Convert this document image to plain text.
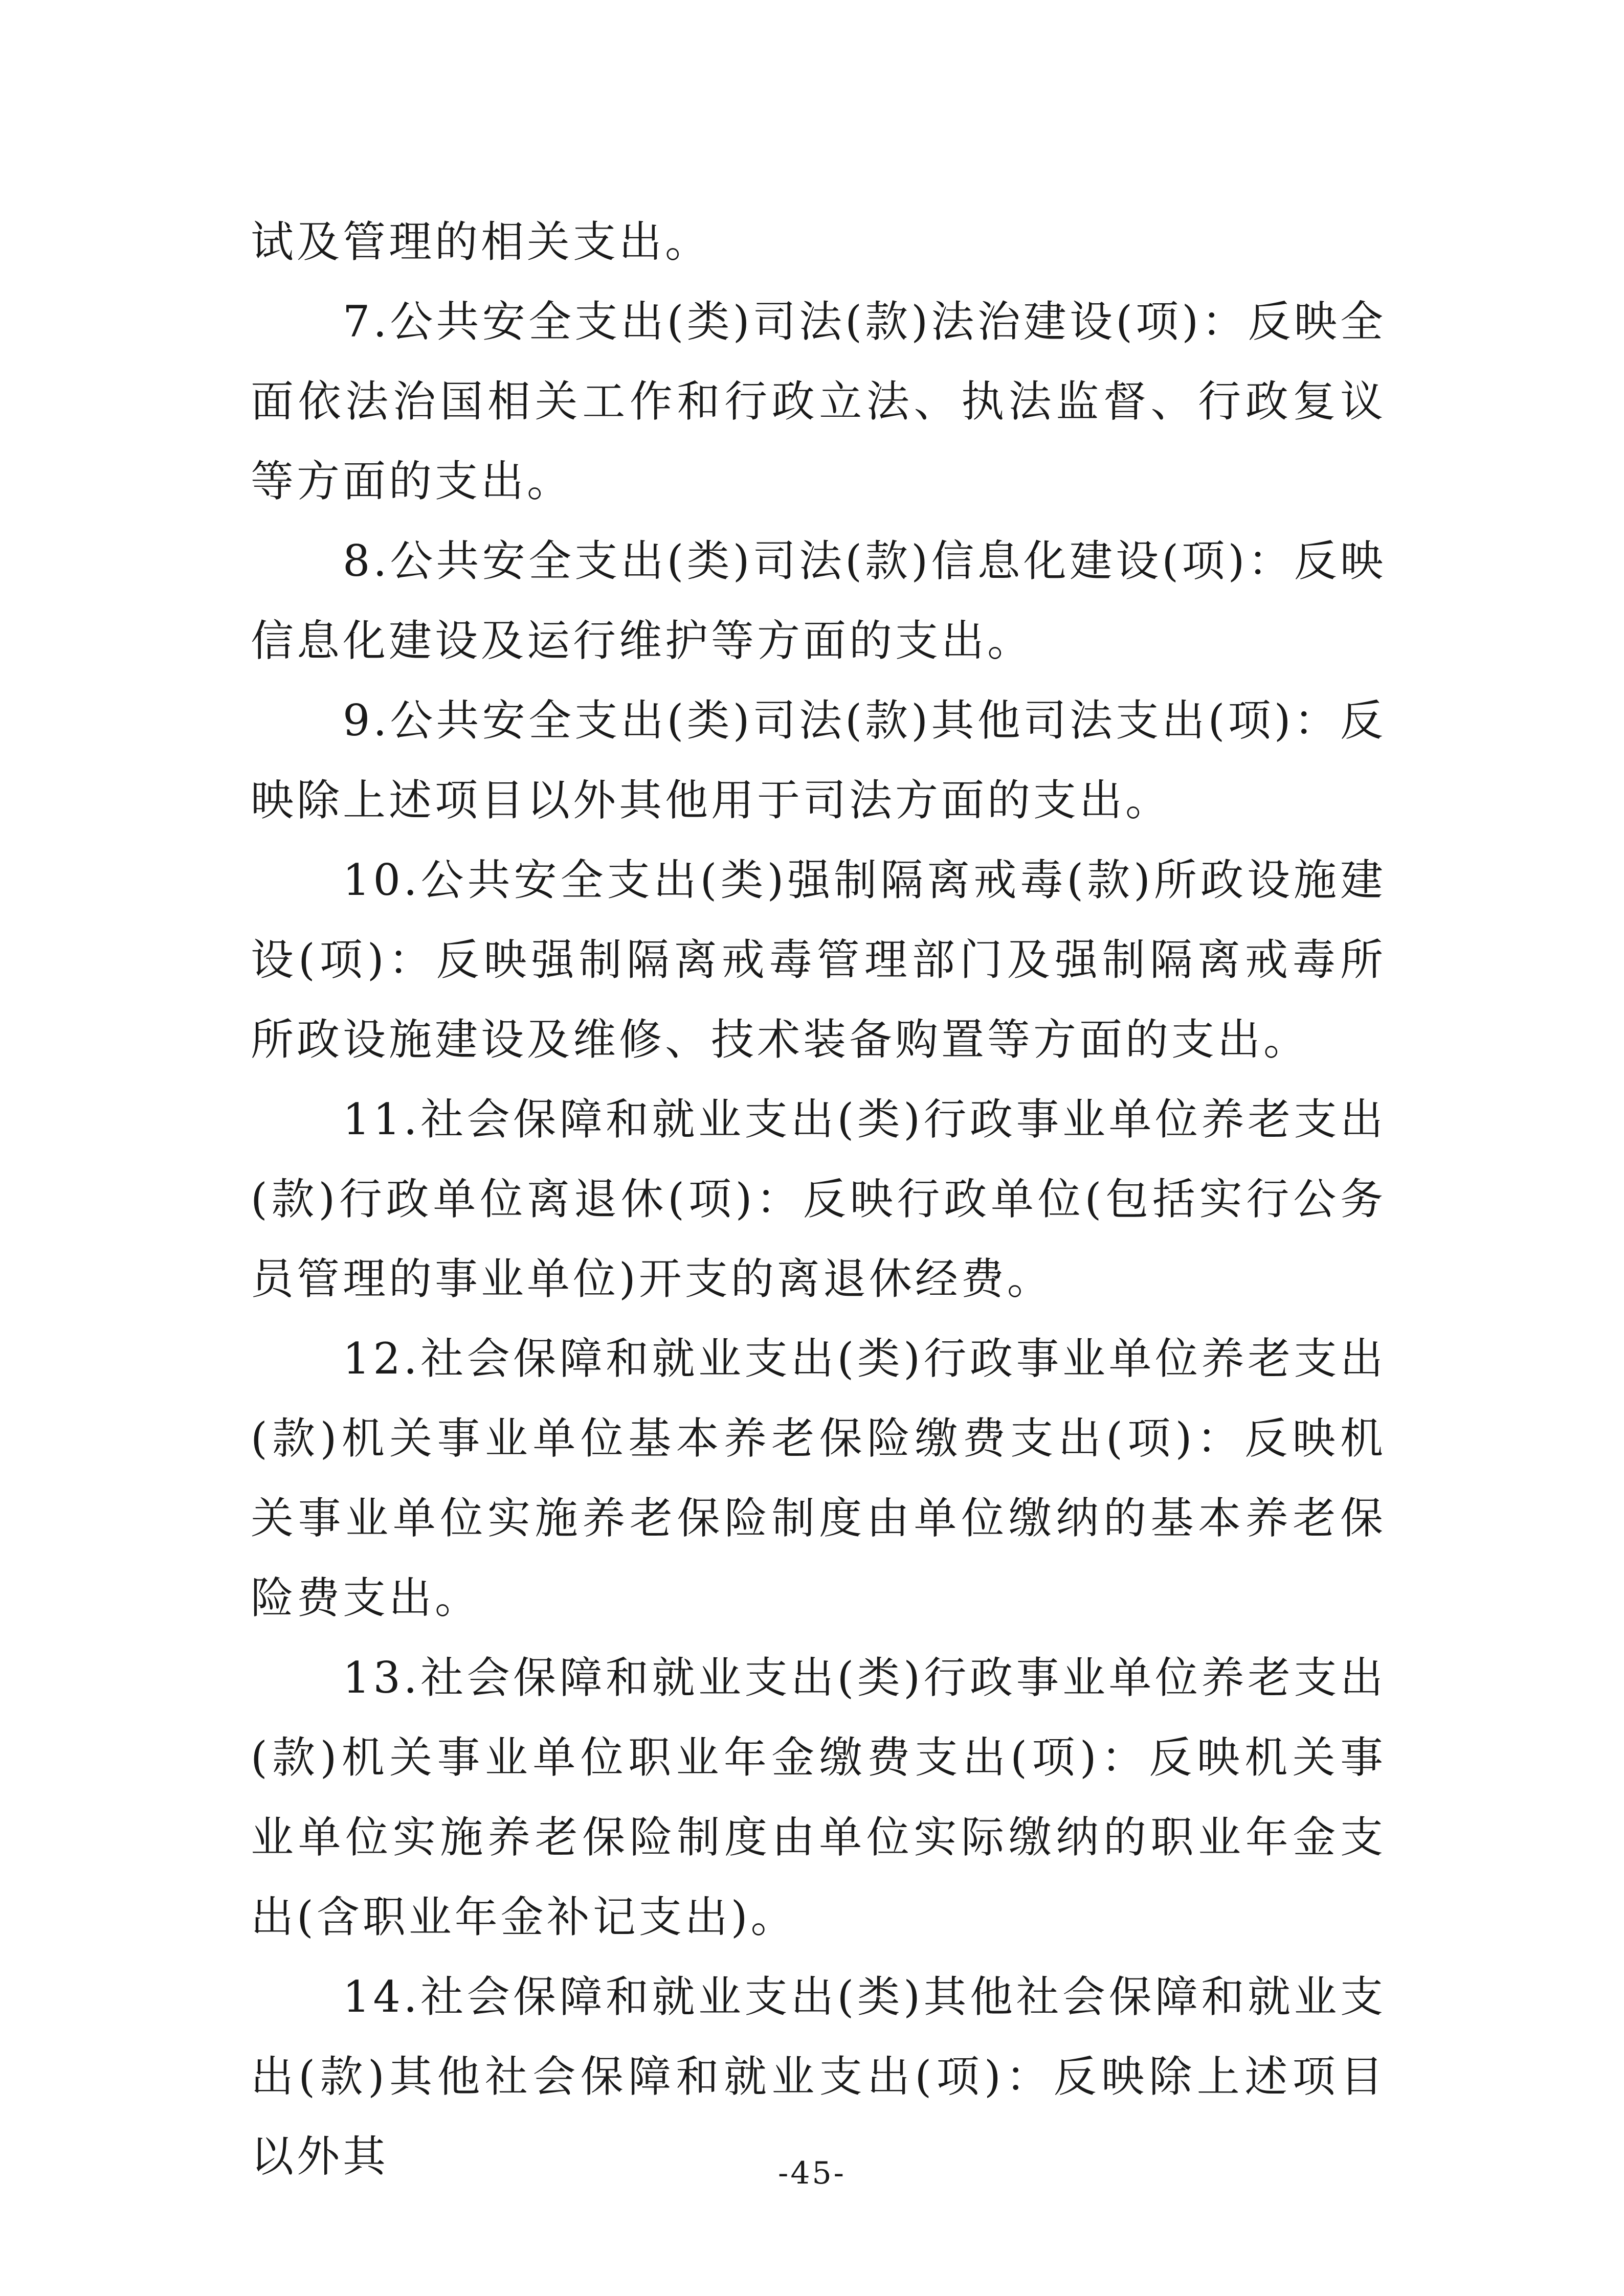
试及管理的相关支出。

7.公共安全支出(类)司法(款)法治建设(项)：反映全面依法治国相关工作和行政立法、执法监督、行政复议等方面的支出。

8.公共安全支出(类)司法(款)信息化建设(项)：反映信息化建设及运行维护等方面的支出。

9.公共安全支出(类)司法(款)其他司法支出(项)：反映除上述项目以外其他用于司法方面的支出。

10.公共安全支出(类)强制隔离戒毒(款)所政设施建设(项)：反映强制隔离戒毒管理部门及强制隔离戒毒所所政设施建设及维修、技术装备购置等方面的支出。

11.社会保障和就业支出(类)行政事业单位养老支出(款)行政单位离退休(项)：反映行政单位(包括实行公务员管理的事业单位)开支的离退休经费。

12.社会保障和就业支出(类)行政事业单位养老支出(款)机关事业单位基本养老保险缴费支出(项)：反映机关事业单位实施养老保险制度由单位缴纳的基本养老保险费支出。

13.社会保障和就业支出(类)行政事业单位养老支出(款)机关事业单位职业年金缴费支出(项)：反映机关事业单位实施养老保险制度由单位实际缴纳的职业年金支出(含职业年金补记支出)。

14.社会保障和就业支出(类)其他社会保障和就业支出(款)其他社会保障和就业支出(项)：反映除上述项目以外其	-45-
